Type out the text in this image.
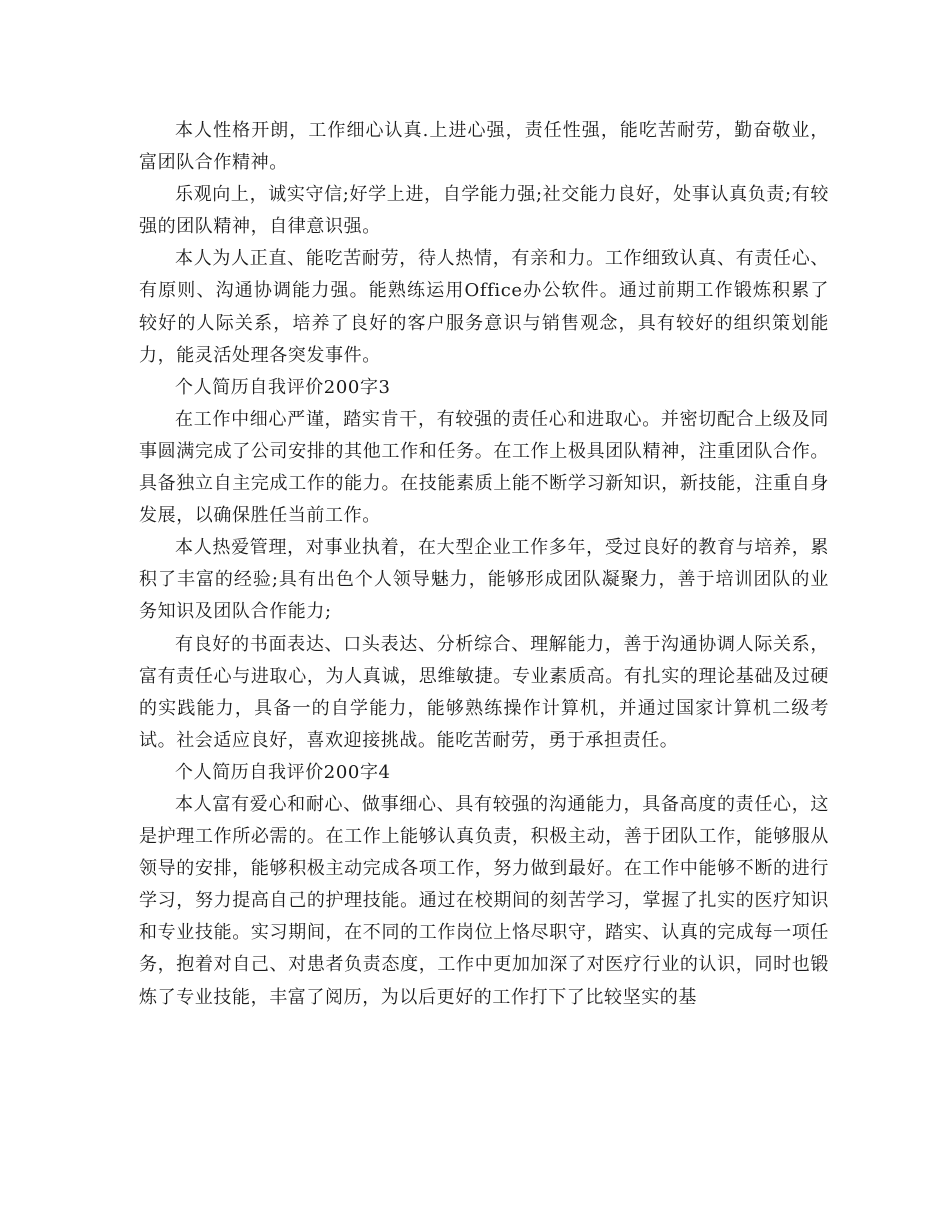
本人性格开朗，工作细心认真.上进心强，责任性强，能吃苦耐劳，勤奋敬业，富团队合作精神。

乐观向上，诚实守信;好学上进，自学能力强;社交能力良好，处事认真负责;有较强的团队精神，自律意识强。

本人为人正直、能吃苦耐劳，待人热情，有亲和力。工作细致认真、有责任心、有原则、沟通协调能力强。能熟练运用Office办公软件。通过前期工作锻炼积累了较好的人际关系，培养了良好的客户服务意识与销售观念，具有较好的组织策划能力，能灵活处理各突发事件。

个人简历自我评价200字3

在工作中细心严谨，踏实肯干，有较强的责任心和进取心。并密切配合上级及同事圆满完成了公司安排的其他工作和任务。在工作上极具团队精神，注重团队合作。具备独立自主完成工作的能力。在技能素质上能不断学习新知识，新技能，注重自身发展，以确保胜任当前工作。

本人热爱管理，对事业执着，在大型企业工作多年，受过良好的教育与培养，累积了丰富的经验;具有出色个人领导魅力，能够形成团队凝聚力，善于培训团队的业务知识及团队合作能力;

有良好的书面表达、口头表达、分析综合、理解能力，善于沟通协调人际关系，富有责任心与进取心，为人真诚，思维敏捷。专业素质高。有扎实的理论基础及过硬的实践能力，具备一的自学能力，能够熟练操作计算机，并通过国家计算机二级考试。社会适应良好，喜欢迎接挑战。能吃苦耐劳，勇于承担责任。

个人简历自我评价200字4

本人富有爱心和耐心、做事细心、具有较强的沟通能力，具备高度的责任心，这是护理工作所必需的。在工作上能够认真负责，积极主动，善于团队工作，能够服从领导的安排，能够积极主动完成各项工作，努力做到最好。在工作中能够不断的进行学习，努力提高自己的护理技能。通过在校期间的刻苦学习，掌握了扎实的医疗知识和专业技能。实习期间，在不同的工作岗位上恪尽职守，踏实、认真的完成每一项任务，抱着对自己、对患者负责态度，工作中更加加深了对医疗行业的认识，同时也锻炼了专业技能，丰富了阅历，为以后更好的工作打下了比较坚实的基
